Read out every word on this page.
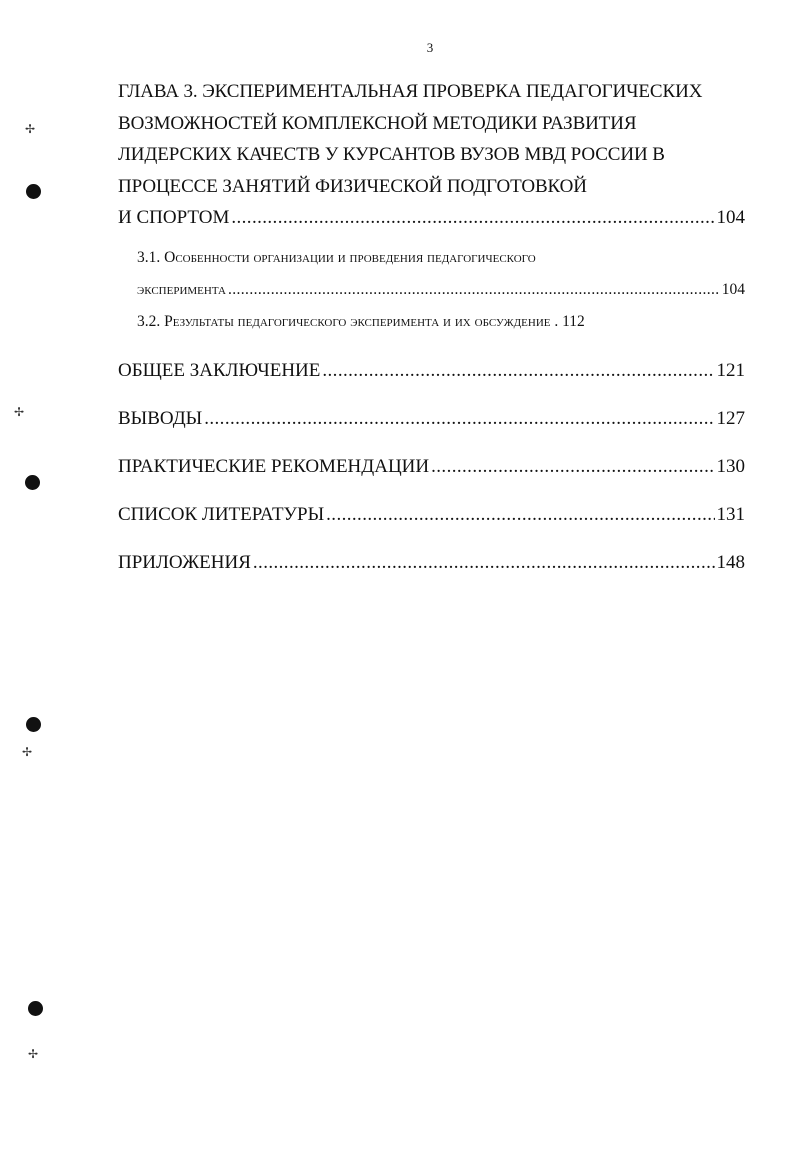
3
ГЛАВА 3. ЭКСПЕРИМЕНТАЛЬНАЯ ПРОВЕРКА ПЕДАГОГИЧЕСКИХ
ВОЗМОЖНОСТЕЙ КОМПЛЕКСНОЙ МЕТОДИКИ РАЗВИТИЯ
ЛИДЕРСКИХ КАЧЕСТВ У КУРСАНТОВ ВУЗОВ МВД РОССИИ В
ПРОЦЕССЕ ЗАНЯТИЙ ФИЗИЧЕСКОЙ ПОДГОТОВКОЙ
И СПОРТОМ .....	104
3.1. Особенности организации и проведения педагогического
эксперимента .....	104
3.2. Результаты педагогического эксперимента и их обсуждение . 112
ОБЩЕЕ ЗАКЛЮЧЕНИЕ .....	121
ВЫВОДЫ .....	127
ПРАКТИЧЕСКИЕ РЕКОМЕНДАЦИИ .....	130
СПИСОК ЛИТЕРАТУРЫ .....	131
ПРИЛОЖЕНИЯ .....	148
✢
✢
✢
✢
